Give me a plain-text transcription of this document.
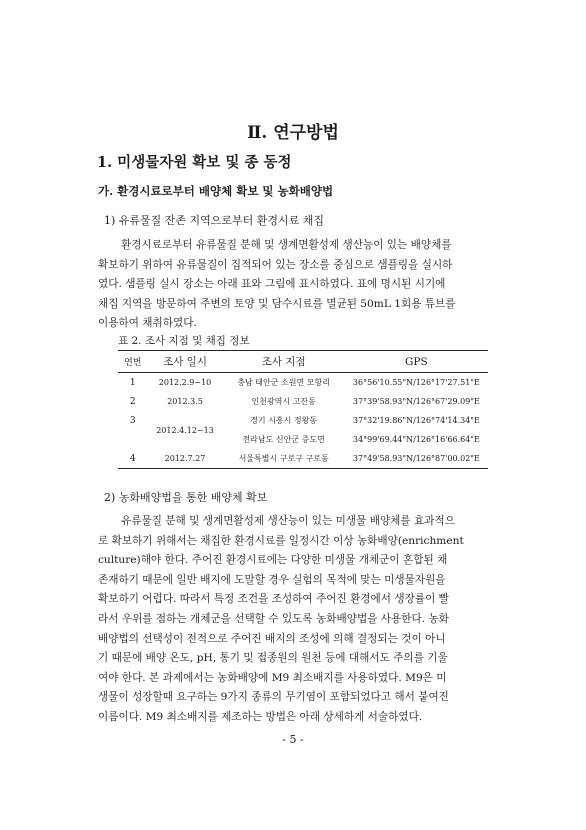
Ⅱ. 연구방법
1. 미생물자원 확보 및 종 동정
가. 환경시료로부터 배양체 확보 및 농화배양법

1) 유류물질 잔존 지역으로부터 환경시료 채집

환경시료로부터 유류물질 분해 및 생계면활성제 생산능이 있는 배양체를
확보하기 위하여 유류물질이 집적되어 있는 장소를 중심으로 샘플링을 실시하
였다. 샘플링 실시 장소는 아래 표와 그림에 표시하였다. 표에 명시된 시기에
채집 지역을 방문하여 주변의 토양 및 담수시료를 멸균된 50mL 1회용 튜브를
이용하여 채취하였다.

표 2. 조사 지점 및 채집 정보

연번	조사 일시	조사 지점	GPS
1	2012.2.9~10	충남 태안군 소원면 모항리	36°56'10.55"N/126°17'27.51"E
2	2012.3.5	인천광역시 고잔동	37°39'58.93"N/126°67'29.09"E
3	2012.4.12~13	경기 시흥시 정왕동	37°32'19.86"N/126°74'14.34"E
		전라남도 신안군 증도면	34°99'69.44"N/126°16'66.64"E
4	2012.7.27	서울특별시 구로구 구로동	37°49'58.93"N/126°87'00.02"E

2) 농화배양법을 통한 배양체 확보

유류물질 분해 및 생계면활성제 생산능이 있는 미생물 배양체를 효과적으
로 확보하기 위해서는 채집한 환경시료를 일정시간 이상 농화배양(enrichment
culture)해야 한다. 주어진 환경시료에는 다양한 미생물 개체군이 혼합된 채
존재하기 때문에 일반 배지에 도말할 경우 실험의 목적에 맞는 미생물자원을
확보하기 어렵다. 따라서 특정 조건을 조성하여 주어진 환경에서 생장률이 빨
라서 우위를 점하는 개체군을 선택할 수 있도록 농화배양법을 사용한다. 농화
배양법의 선택성이 전적으로 주어진 배지의 조성에 의해 결정되는 것이 아니
기 때문에 배양 온도, pH, 통기 및 접종원의 원천 등에 대해서도 주의를 기울
여야 한다. 본 과제에서는 농화배양에 M9 최소배지를 사용하였다. M9은 미
생물이 성장할때 요구하는 9가지 종류의 무기염이 포함되었다고 해서 붙여진
이름이다. M9 최소배지를 제조하는 방법은 아래 상세하게 서술하였다.

- 5 -
